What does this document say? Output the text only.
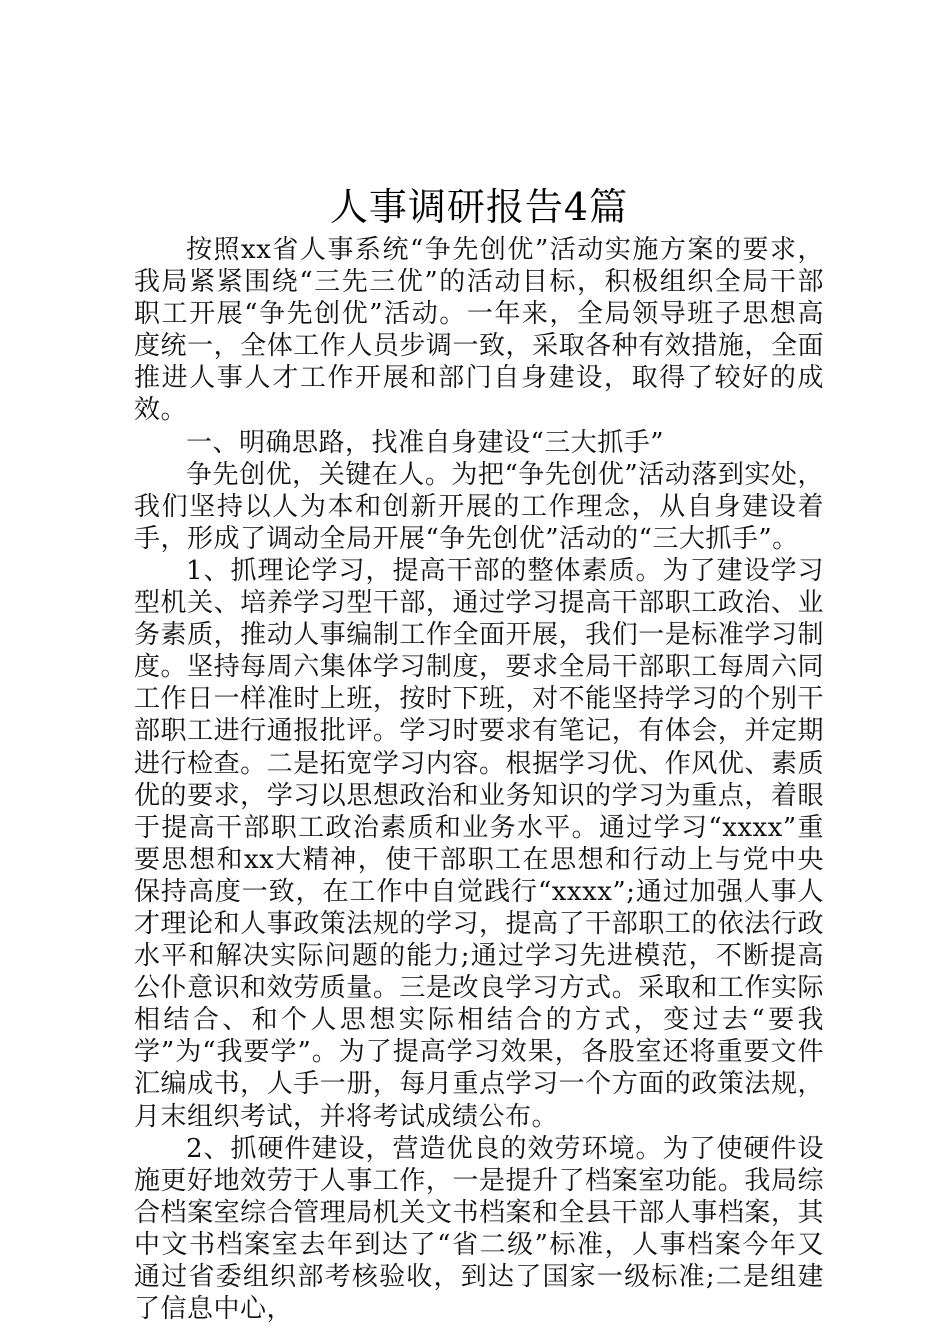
人事调研报告4篇

按照xx省人事系统“争先创优”活动实施方案的要求，我局紧紧围绕“三先三优”的活动目标，积极组织全局干部职工开展“争先创优”活动。一年来，全局领导班子思想高度统一，全体工作人员步调一致，采取各种有效措施，全面推进人事人才工作开展和部门自身建设，取得了较好的成效。

一、明确思路，找准自身建设“三大抓手”

争先创优，关键在人。为把“争先创优”活动落到实处，我们坚持以人为本和创新开展的工作理念，从自身建设着手，形成了调动全局开展“争先创优”活动的“三大抓手”。

1、抓理论学习，提高干部的整体素质。为了建设学习型机关、培养学习型干部，通过学习提高干部职工政治、业务素质，推动人事编制工作全面开展，我们一是标准学习制度。坚持每周六集体学习制度，要求全局干部职工每周六同工作日一样准时上班，按时下班，对不能坚持学习的个别干部职工进行通报批评。学习时要求有笔记，有体会，并定期进行检查。二是拓宽学习内容。根据学习优、作风优、素质优的要求，学习以思想政治和业务知识的学习为重点，着眼于提高干部职工政治素质和业务水平。通过学习“xxxx”重要思想和xx大精神，使干部职工在思想和行动上与党中央保持高度一致，在工作中自觉践行“xxxx”;通过加强人事人才理论和人事政策法规的学习，提高了干部职工的依法行政水平和解决实际问题的能力;通过学习先进模范，不断提高公仆意识和效劳质量。三是改良学习方式。采取和工作实际相结合、和个人思想实际相结合的方式，变过去“要我学”为“我要学”。为了提高学习效果，各股室还将重要文件汇编成书，人手一册，每月重点学习一个方面的政策法规，月末组织考试，并将考试成绩公布。

2、抓硬件建设，营造优良的效劳环境。为了使硬件设施更好地效劳于人事工作，一是提升了档案室功能。我局综合档案室综合管理局机关文书档案和全县干部人事档案，其中文书档案室去年到达了“省二级”标准，人事档案今年又通过省委组织部考核验收，到达了国家一级标准;二是组建了信息中心，
